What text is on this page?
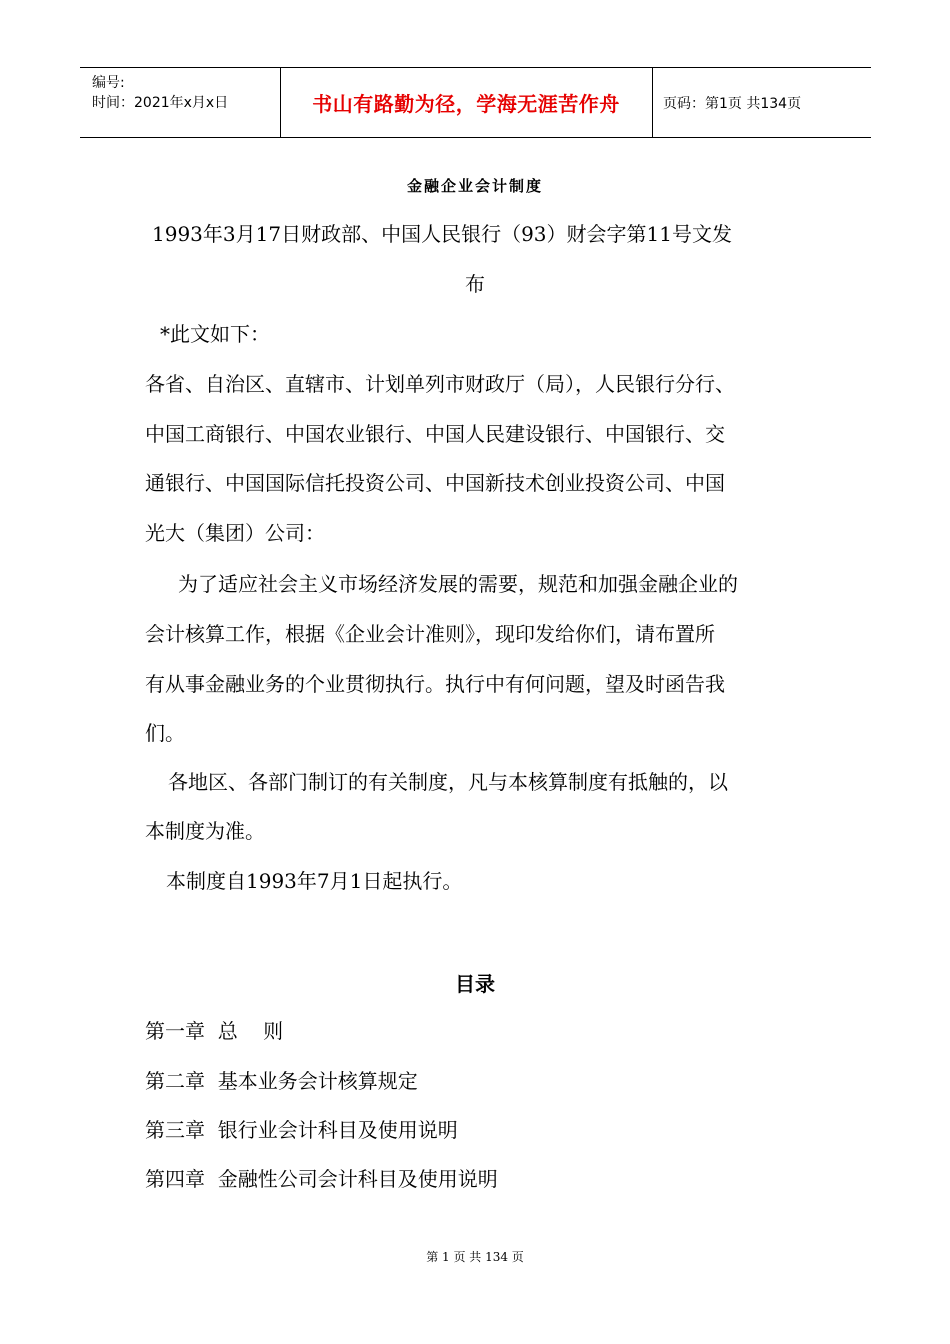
编号:
时间：2021年x月x日	书山有路勤为径，学海无涯苦作舟	页码：第1页 共134页
金融企业会计制度
1993年3月17日财政部、中国人民银行（93）财会字第11号文发
布
*此文如下：
各省、自治区、直辖市、计划单列市财政厅（局），人民银行分行、
中国工商银行、中国农业银行、中国人民建设银行、中国银行、交
通银行、中国国际信托投资公司、中国新技术创业投资公司、中国
光大（集团）公司：
为了适应社会主义市场经济发展的需要，规范和加强金融企业的
会计核算工作，根据《企业会计准则》，现印发给你们，请布置所
有从事金融业务的个业贯彻执行。执行中有何问题，望及时函告我
们。
各地区、各部门制订的有关制度，凡与本核算制度有抵触的，以
本制度为准。
本制度自1993年7月1日起执行。
目录
第一章  总    则
第二章  基本业务会计核算规定
第三章  银行业会计科目及使用说明
第四章  金融性公司会计科目及使用说明
第 1 页 共 134 页
